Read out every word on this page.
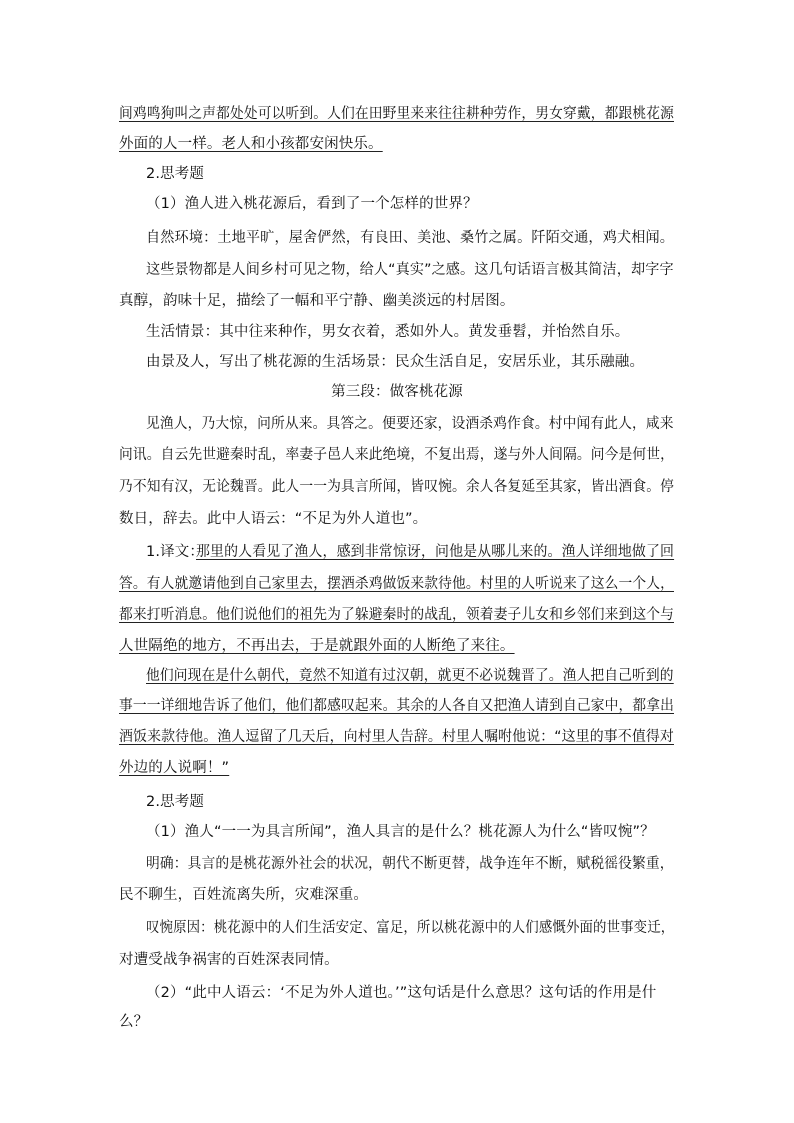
间鸡鸣狗叫之声都处处可以听到。人们在田野里来来往往耕种劳作，男女穿戴，都跟桃花源
外面的人一样。老人和小孩都安闲快乐。
2.思考题
（1）渔人进入桃花源后，看到了一个怎样的世界？
自然环境：土地平旷，屋舍俨然，有良田、美池、桑竹之属。阡陌交通，鸡犬相闻。
这些景物都是人间乡村可见之物，给人“真实”之感。这几句话语言极其简洁，却字字
真醇，韵味十足，描绘了一幅和平宁静、幽美淡远的村居图。
生活情景：其中往来种作，男女衣着，悉如外人。黄发垂髫，并怡然自乐。
由景及人，写出了桃花源的生活场景：民众生活自足，安居乐业，其乐融融。
第三段：做客桃花源
见渔人，乃大惊，问所从来。具答之。便要还家，设酒杀鸡作食。村中闻有此人，咸来
问讯。自云先世避秦时乱，率妻子邑人来此绝境，不复出焉，遂与外人间隔。问今是何世，
乃不知有汉，无论魏晋。此人一一为具言所闻，皆叹惋。余人各复延至其家，皆出酒食。停
数日，辞去。此中人语云：“不足为外人道也”。
1.译文：
那里的人看见了渔人，感到非常惊讶，问他是从哪儿来的。渔人详细地做了回
答。有人就邀请他到自己家里去，摆酒杀鸡做饭来款待他。村里的人听说来了这么一个人，
都来打听消息。他们说他们的祖先为了躲避秦时的战乱，领着妻子儿女和乡邻们来到这个与
人世隔绝的地方，不再出去，于是就跟外面的人断绝了来往。
他们问现在是什么朝代，竟然不知道有过汉朝，就更不必说魏晋了。渔人把自己听到的
事一一详细地告诉了他们，他们都感叹起来。其余的人各自又把渔人请到自己家中，都拿出
酒饭来款待他。渔人逗留了几天后，向村里人告辞。村里人嘱咐他说：“这里的事不值得对
外边的人说啊！”
2.思考题
（1）渔人“一一为具言所闻”，渔人具言的是什么？桃花源人为什么“皆叹惋”？
明确：具言的是桃花源外社会的状况，朝代不断更替，战争连年不断，赋税徭役繁重，
民不聊生，百姓流离失所，灾难深重。
叹惋原因：桃花源中的人们生活安定、富足，所以桃花源中的人们感慨外面的世事变迁，
对遭受战争祸害的百姓深表同情。
（2）“此中人语云：‘不足为外人道也。’”这句话是什么意思？这句话的作用是什
么？
